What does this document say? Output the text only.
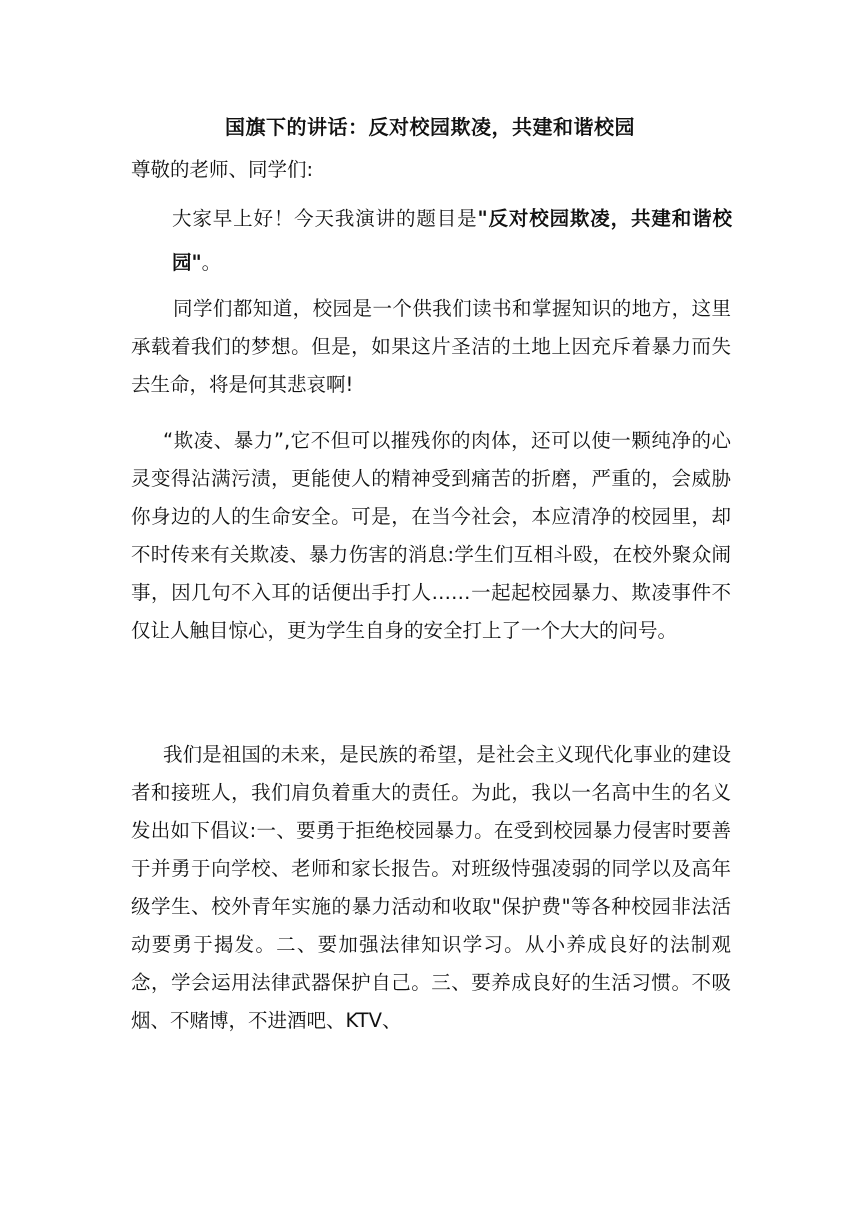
国旗下的讲话：反对校园欺凌，共建和谐校园
尊敬的老师、同学们:

大家早上好！今天我演讲的题目是"反对校园欺凌，共建和谐校园"。

同学们都知道，校园是一个供我们读书和掌握知识的地方，这里承载着我们的梦想。但是，如果这片圣洁的土地上因充斥着暴力而失去生命，将是何其悲哀啊!

“欺凌、暴力”,它不但可以摧残你的肉体，还可以使一颗纯净的心灵变得沾满污渍，更能使人的精神受到痛苦的折磨，严重的，会威胁你身边的人的生命安全。可是，在当今社会，本应清净的校园里，却不时传来有关欺凌、暴力伤害的消息:学生们互相斗殴，在校外聚众闹事，因几句不入耳的话便出手打人……一起起校园暴力、欺凌事件不仅让人触目惊心，更为学生自身的安全打上了一个大大的问号。

我们是祖国的未来，是民族的希望，是社会主义现代化事业的建设者和接班人，我们肩负着重大的责任。为此，我以一名高中生的名义发出如下倡议:一、要勇于拒绝校园暴力。在受到校园暴力侵害时要善于并勇于向学校、老师和家长报告。对班级恃强凌弱的同学以及高年级学生、校外青年实施的暴力活动和收取"保护费"等各种校园非法活动要勇于揭发。二、要加强法律知识学习。从小养成良好的法制观念，学会运用法律武器保护自己。三、要养成良好的生活习惯。不吸烟、不赌博，不进酒吧、KTV、
